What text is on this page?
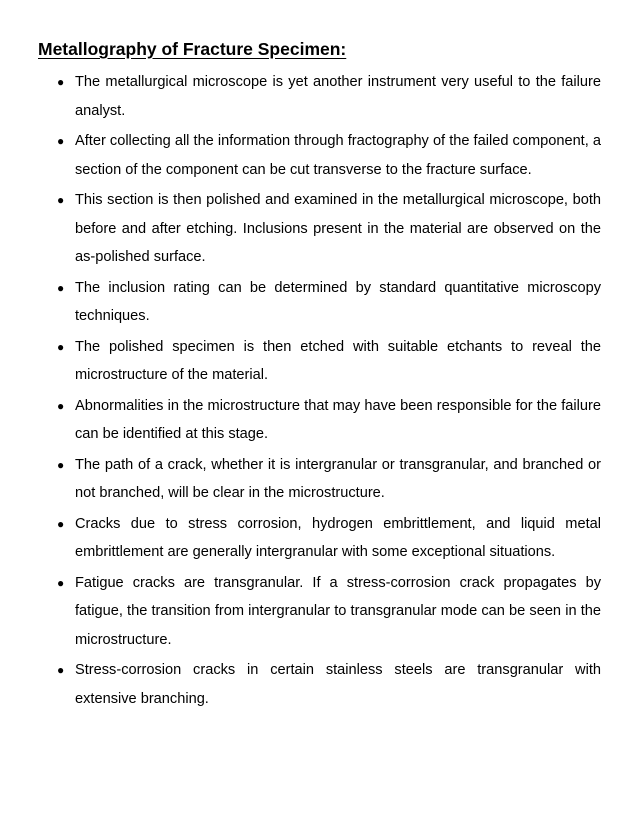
Metallography of Fracture Specimen:
● The metallurgical microscope is yet another instrument very useful to the failure analyst.
● After collecting all the information through fractography of the failed component, a section of the component can be cut transverse to the fracture surface.
● This section is then polished and examined in the metallurgical microscope, both before and after etching. Inclusions present in the material are observed on the as-polished surface.
● The inclusion rating can be determined by standard quantitative microscopy techniques.
● The polished specimen is then etched with suitable etchants to reveal the microstructure of the material.
● Abnormalities in the microstructure that may have been responsible for the failure can be identified at this stage.
● The path of a crack, whether it is intergranular or transgranular, and branched or not branched, will be clear in the microstructure.
● Cracks due to stress corrosion, hydrogen embrittlement, and liquid metal embrittlement are generally intergranular with some exceptional situations.
● Fatigue cracks are transgranular. If a stress-corrosion crack propagates by fatigue, the transition from intergranular to transgranular mode can be seen in the microstructure.
● Stress-corrosion cracks in certain stainless steels are transgranular with extensive branching.
